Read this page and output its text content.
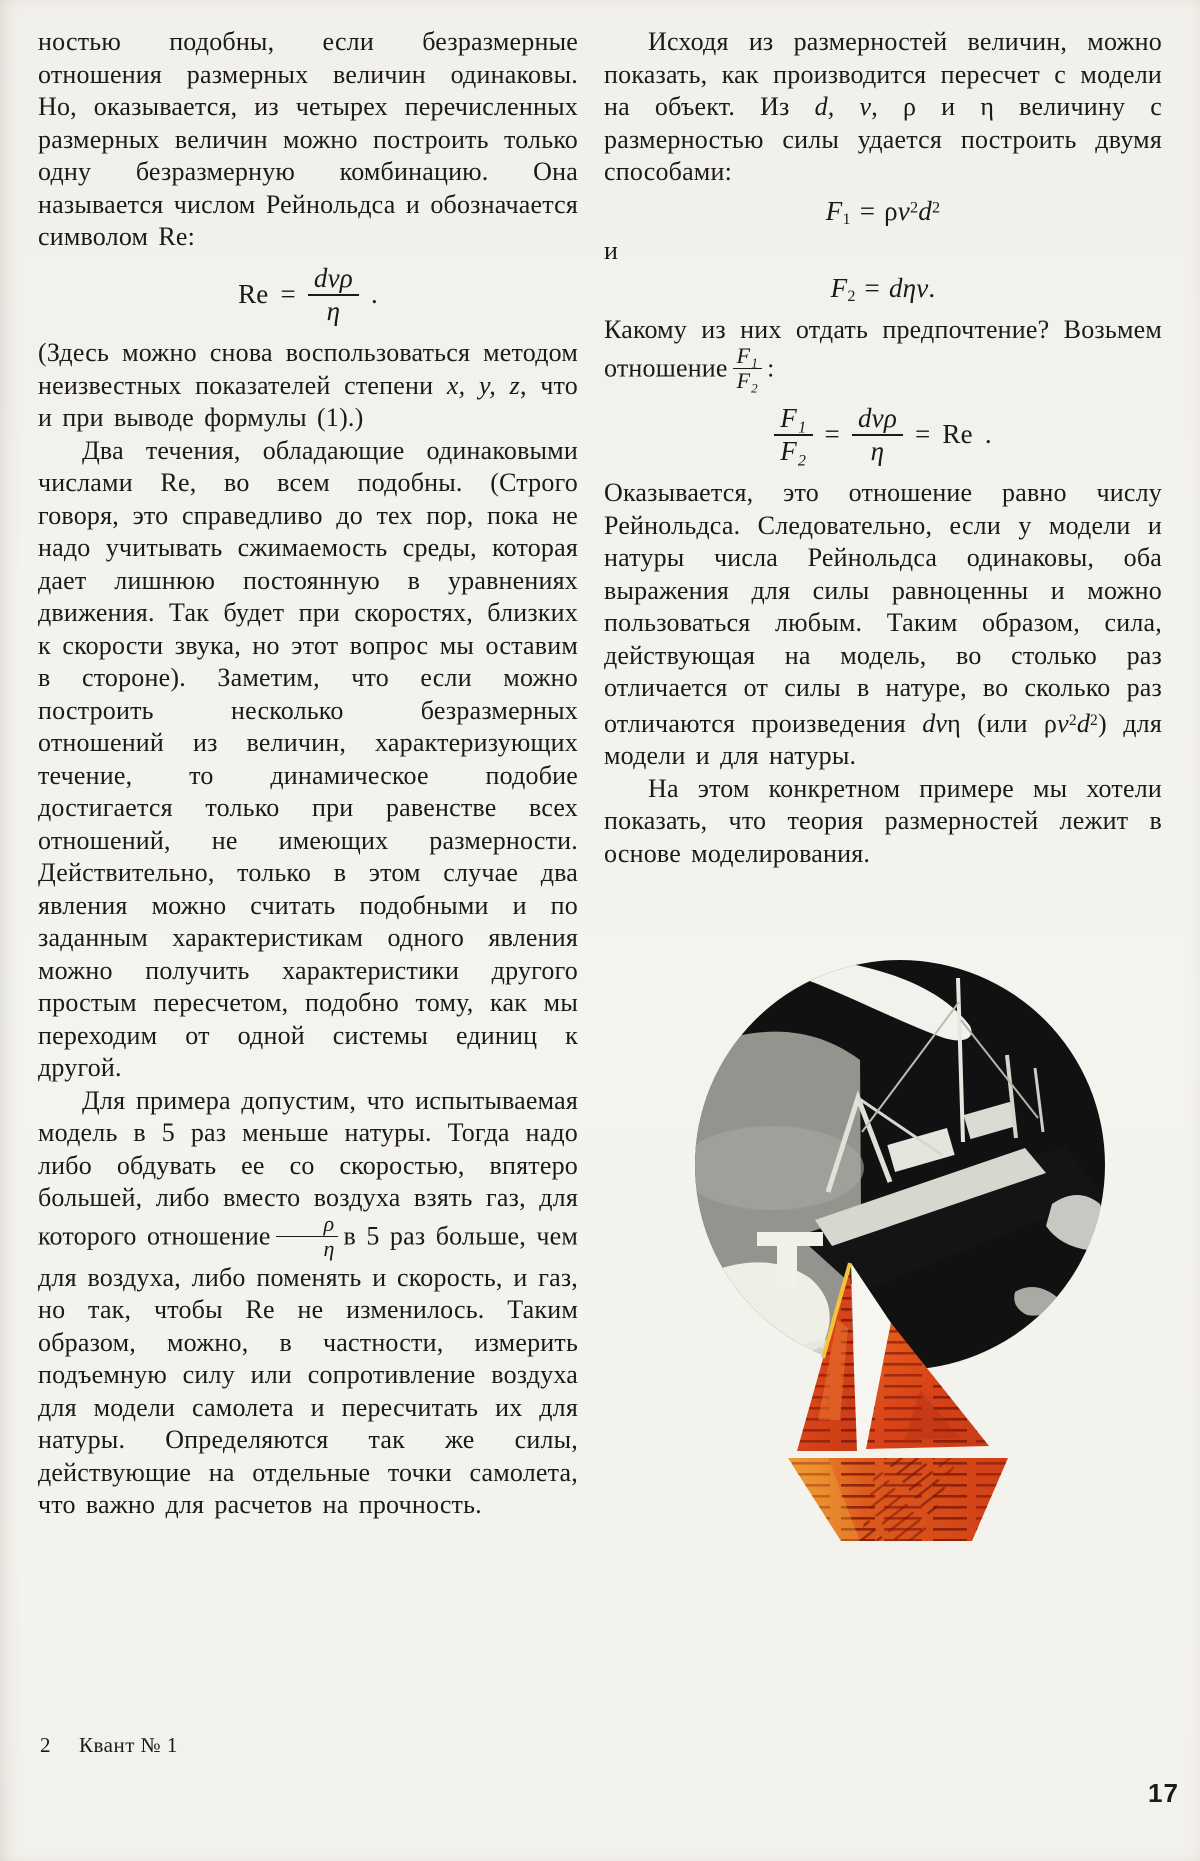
ностью подобны, если безразмерные отношения размерных величин одинаковы. Но, оказывается, из четырех перечисленных размерных величин можно построить только одну безразмерную комбинацию. Она называется числом Рейнольдса и обозначается символом Re:

$Re = \frac{\text{dvρ}}{\eta}$ .

(Здесь можно снова воспользоваться методом неизвестных показателей степени x, y, z, что и при выводе формулы (1).)

Два течения, обладающие одинаковыми числами Re, во всем подобны. (Строго говоря, это справедливо до тех пор, пока не надо учитывать сжимаемость среды, которая дает лишнюю постоянную в уравнениях движения. Так будет при скоростях, близких к скорости звука, но этот вопрос мы оставим в стороне). Заметим, что если можно построить несколько безразмерных отношений из величин, характеризующих течение, то динамическое подобие достигается только при равенстве всех отношений, не имеющих размерности. Действительно, только в этом случае два явления можно считать подобными и по заданным характеристикам одного явления можно получить характеристики другого простым пересчетом, подобно тому, как мы переходим от одной системы единиц к другой.

Для примера допустим, что испытываемая модель в 5 раз меньше натуры. Тогда надо либо обдувать ее со скоростью, впятеро большей, либо вместо воздуха взять газ, для которого отношение $\frac{\rho}{\eta}$ в 5 раз больше, чем для воздуха, либо поменять и скорость, и газ, но так, чтобы Re не изменилось. Таким образом, можно, в частности, измерить подъемную силу или сопротивление воздуха для модели самолета и пересчитать их для натуры. Определяются так же силы, действующие на отдельные точки самолета, что важно для расчетов на прочность.

Исходя из размерностей величин, можно показать, как производится пересчет с модели на объект. Из d, v, ρ и η величину с размерностью силы удается построить двумя способами:

$F1 = \rho v^2d^2$

и

F2 = dηv.

Какому из них отдать предпочтение? Возьмем отношение $\frac{\text{F₁}}{\text{F₂}}$ :

$\frac{\text{F₁}}{\text{F₂}} = \frac{\text{dvρ}}{\eta} = Re$ .

Оказывается, это отношение равно числу Рейнольдса. Следовательно, если у модели и натуры числа Рейнольдса одинаковы, оба выражения для силы равноценны и можно пользоваться любым. Таким образом, сила, действующая на модель, во столько раз отличается от силы в натуре, во сколько раз отличаются произведения dvη (или $\rho v^2d^2$) для модели и для натуры.

На этом конкретном примере мы хотели показать, что теория размерностей лежит в основе моделирования.

2 Квант № 1
17
